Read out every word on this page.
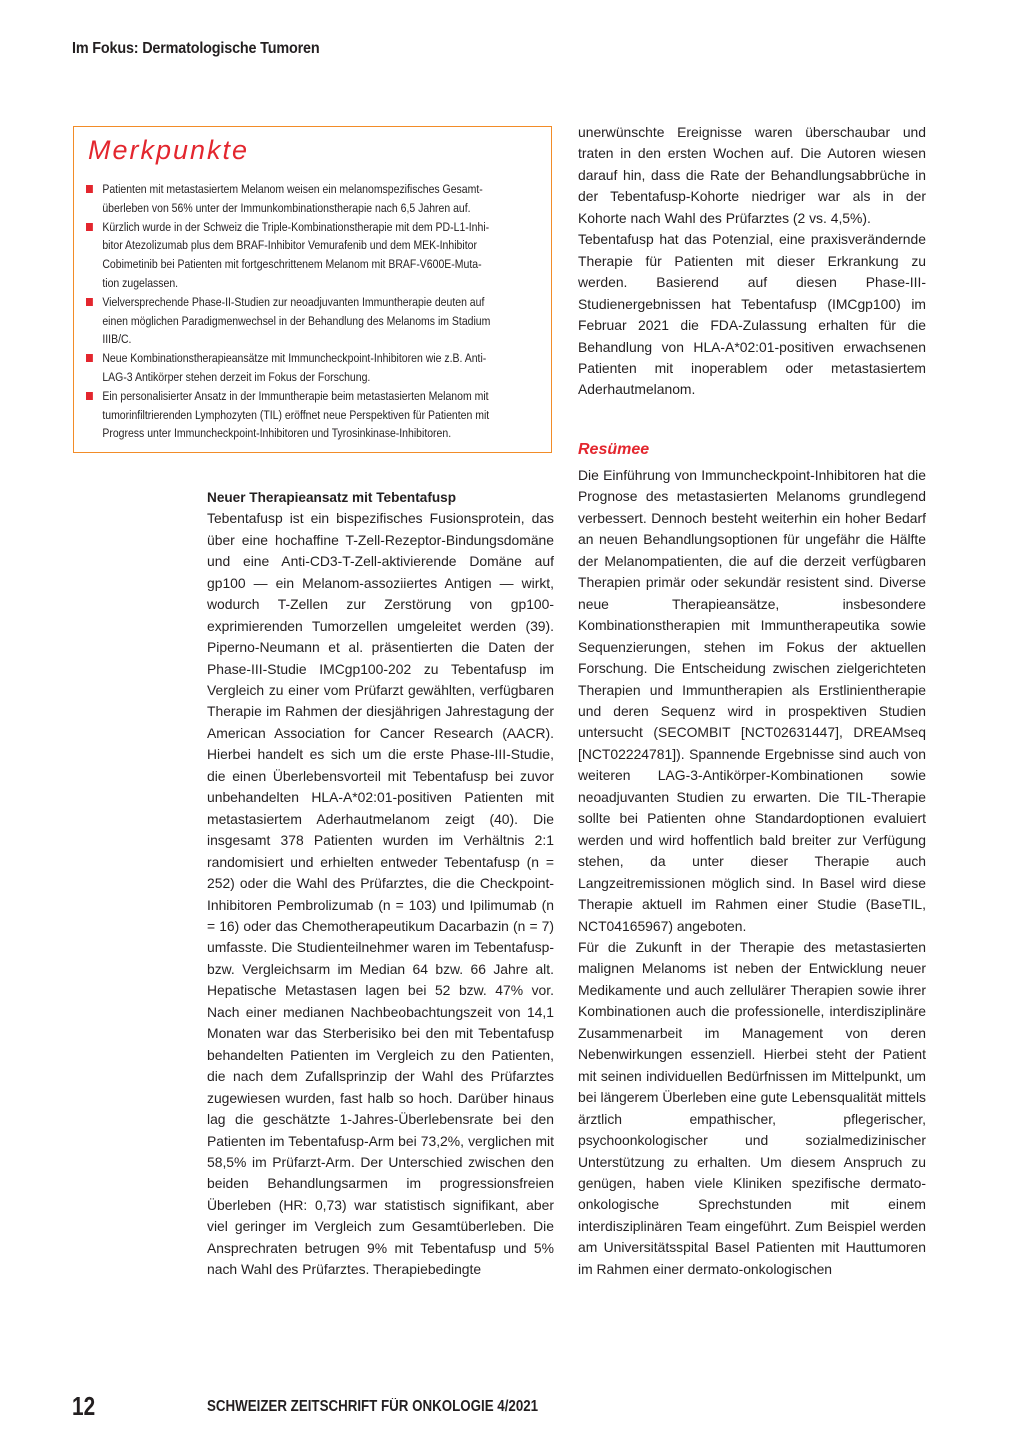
Im Fokus: Dermatologische Tumoren
Merkpunkte
Patienten mit metastasiertem Melanom weisen ein melanomspezifisches Gesamt-
überleben von 56% unter der Immunkombinationstherapie nach 6,5 Jahren auf.
Kürzlich wurde in der Schweiz die Triple-Kombinationstherapie mit dem PD-L1-Inhi-
bitor Atezolizumab plus dem BRAF-Inhibitor Vemurafenib und dem MEK-Inhibitor
Cobimetinib bei Patienten mit fortgeschrittenem Melanom mit BRAF-V600E-Muta-
tion zugelassen.
Vielversprechende Phase-II-Studien zur neoadjuvanten Immuntherapie deuten auf
einen möglichen Paradigmenwechsel in der Behandlung des Melanoms im Stadium
IIIB/C.
Neue Kombinationstherapieansätze mit Immuncheckpoint-Inhibitoren wie z.B. Anti-
LAG-3 Antikörper stehen derzeit im Fokus der Forschung.
Ein personalisierter Ansatz in der Immuntherapie beim metastasierten Melanom mit
tumorinfiltrierenden Lymphozyten (TIL) eröffnet neue Perspektiven für Patienten mit
Progress unter Immuncheckpoint-Inhibitoren und Tyrosinkinase-Inhibitoren.

Neuer Therapieansatz mit Tebentafusp

Tebentafusp ist ein bispezifisches Fusionsprotein, das über eine hochaffine T-Zell-Rezeptor-Bindungsdomäne und eine Anti-CD3-T-Zell-aktivierende Domäne auf gp100 — ein Melanom-assoziiertes Antigen — wirkt, wodurch T-Zellen zur Zerstörung von gp100-exprimierenden Tumorzellen umgeleitet werden (39). Piperno-Neumann et al. präsentierten die Daten der Phase-III-Studie IMCgp100-202 zu Tebentafusp im Vergleich zu einer vom Prüfarzt gewählten, verfügbaren Therapie im Rahmen der diesjährigen Jahrestagung der American Association for Cancer Research (AACR). Hierbei handelt es sich um die erste Phase-III-Studie, die einen Überlebensvorteil mit Tebentafusp bei zuvor unbehandelten HLA-A*02:01-positiven Patienten mit metastasiertem Aderhautmelanom zeigt (40). Die insgesamt 378 Patienten wurden im Verhältnis 2:1 randomisiert und erhielten entweder Tebentafusp (n = 252) oder die Wahl des Prüfarztes, die die Checkpoint-Inhibitoren Pembrolizumab (n = 103) und Ipilimumab (n = 16) oder das Chemotherapeutikum Dacarbazin (n = 7) umfasste. Die Studienteilnehmer waren im Tebentafusp- bzw. Vergleichsarm im Median 64 bzw. 66 Jahre alt. Hepatische Metastasen lagen bei 52 bzw. 47% vor. Nach einer medianen Nachbeobachtungszeit von 14,1 Monaten war das Sterberisiko bei den mit Tebentafusp behandelten Patienten im Vergleich zu den Patienten, die nach dem Zufallsprinzip der Wahl des Prüfarztes zugewiesen wurden, fast halb so hoch. Darüber hinaus lag die geschätzte 1-Jahres-Überlebensrate bei den Patienten im Tebentafusp-Arm bei 73,2%, verglichen mit 58,5% im Prüfarzt-Arm. Der Unterschied zwischen den beiden Behandlungsarmen im progressionsfreien Überleben (HR: 0,73) war statistisch signifikant, aber viel geringer im Vergleich zum Gesamtüberleben. Die Ansprechraten betrugen 9% mit Tebentafusp und 5% nach Wahl des Prüfarztes. Therapiebedingte

unerwünschte Ereignisse waren überschaubar und traten in den ersten Wochen auf. Die Autoren wiesen darauf hin, dass die Rate der Behandlungsabbrüche in der Tebentafusp-Kohorte niedriger war als in der Kohorte nach Wahl des Prüfarztes (2 vs. 4,5%).

Tebentafusp hat das Potenzial, eine praxisverändernde Therapie für Patienten mit dieser Erkrankung zu werden. Basierend auf diesen Phase-III-Studienergebnissen hat Tebentafusp (IMCgp100) im Februar 2021 die FDA-Zulassung erhalten für die Behandlung von HLA-A*02:01-positiven erwachsenen Patienten mit inoperablem oder metastasiertem Aderhautmelanom.

Resümee

Die Einführung von Immuncheckpoint-Inhibitoren hat die Prognose des metastasierten Melanoms grundlegend verbessert. Dennoch besteht weiterhin ein hoher Bedarf an neuen Behandlungsoptionen für ungefähr die Hälfte der Melanompatienten, die auf die derzeit verfügbaren Therapien primär oder sekundär resistent sind. Diverse neue Therapieansätze, insbesondere Kombinationstherapien mit Immuntherapeutika sowie Sequenzierungen, stehen im Fokus der aktuellen Forschung. Die Entscheidung zwischen zielgerichteten Therapien und Immuntherapien als Erstlinientherapie und deren Sequenz wird in prospektiven Studien untersucht (SECOMBIT [NCT02631447], DREAMseq [NCT02224781]). Spannende Ergebnisse sind auch von weiteren LAG-3-Antikörper-Kombinationen sowie neoadjuvanten Studien zu erwarten. Die TIL-Therapie sollte bei Patienten ohne Standardoptionen evaluiert werden und wird hoffentlich bald breiter zur Verfügung stehen, da unter dieser Therapie auch Langzeitremissionen möglich sind. In Basel wird diese Therapie aktuell im Rahmen einer Studie (BaseTIL, NCT04165967) angeboten.

Für die Zukunft in der Therapie des metastasierten malignen Melanoms ist neben der Entwicklung neuer Medikamente und auch zellulärer Therapien sowie ihrer Kombinationen auch die professionelle, interdisziplinäre Zusammenarbeit im Management von deren Nebenwirkungen essenziell. Hierbei steht der Patient mit seinen individuellen Bedürfnissen im Mittelpunkt, um bei längerem Überleben eine gute Lebensqualität mittels ärztlich empathischer, pflegerischer, psychoonkologischer und sozialmedizinischer Unterstützung zu erhalten. Um diesem Anspruch zu genügen, haben viele Kliniken spezifische dermato-onkologische Sprechstunden mit einem interdisziplinären Team eingeführt. Zum Beispiel werden am Universitätsspital Basel Patienten mit Hauttumoren im Rahmen einer dermato-onkologischen

12	SCHWEIZER ZEITSCHRIFT FÜR ONKOLOGIE 4/2021
